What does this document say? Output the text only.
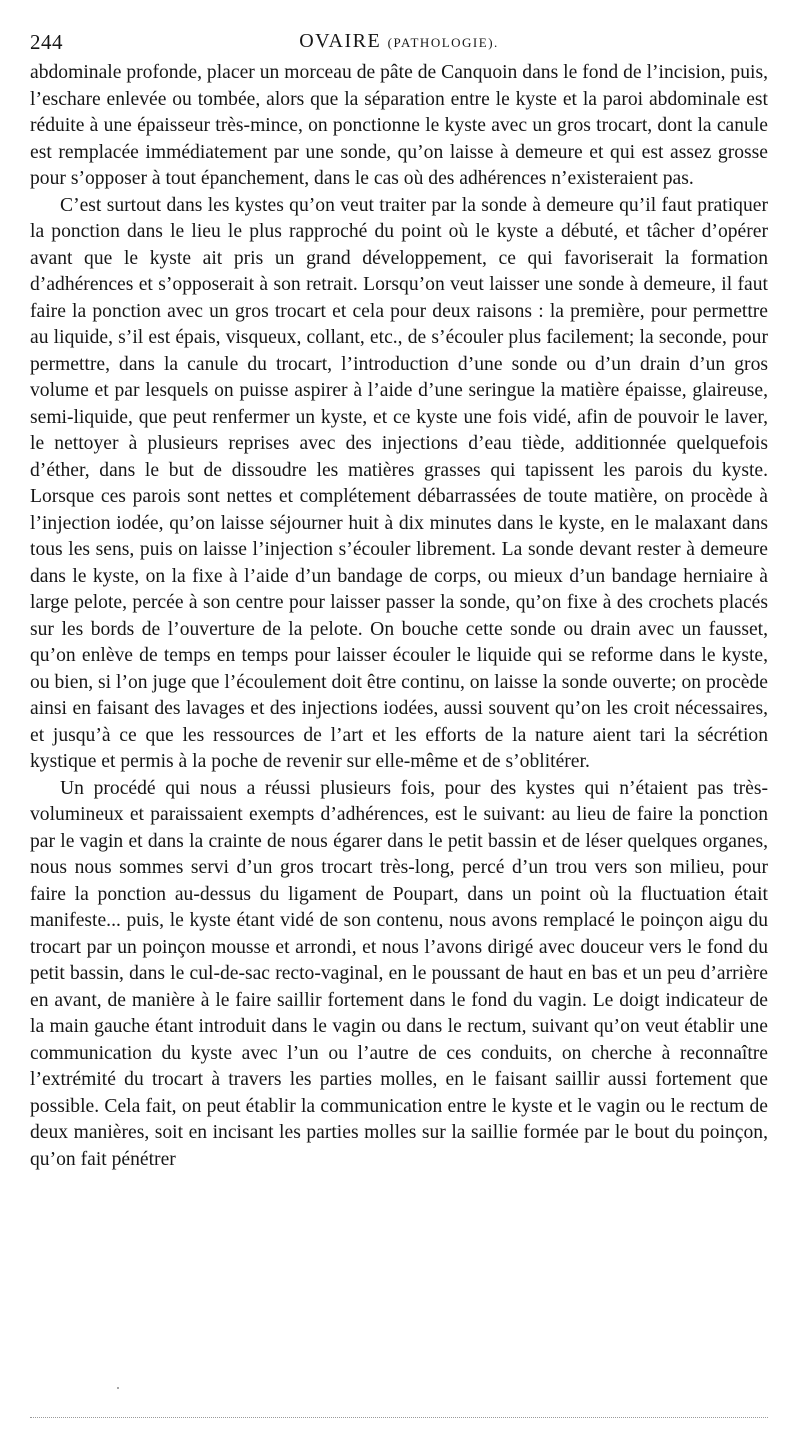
244	OVAIRE (PATHOLOGIE).

abdominale profonde, placer un morceau de pâte de Canquoin dans le fond de l’incision, puis, l’eschare enlevée ou tombée, alors que la séparation entre le kyste et la paroi abdominale est réduite à une épaisseur très-mince, on ponctionne le kyste avec un gros trocart, dont la canule est remplacée immédiatement par une sonde, qu’on laisse à demeure et qui est assez grosse pour s’opposer à tout épanchement, dans le cas où des adhérences n’existeraient pas.

C’est surtout dans les kystes qu’on veut traiter par la sonde à demeure qu’il faut pratiquer la ponction dans le lieu le plus rapproché du point où le kyste a débuté, et tâcher d’opérer avant que le kyste ait pris un grand développement, ce qui favoriserait la formation d’adhérences et s’opposerait à son retrait. Lorsqu’on veut laisser une sonde à demeure, il faut faire la ponction avec un gros trocart et cela pour deux raisons : la première, pour permettre au liquide, s’il est épais, visqueux, collant, etc., de s’écouler plus facilement; la seconde, pour permettre, dans la canule du trocart, l’introduction d’une sonde ou d’un drain d’un gros volume et par lesquels on puisse aspirer à l’aide d’une seringue la matière épaisse, glaireuse, semi-liquide, que peut renfermer un kyste, et ce kyste une fois vidé, afin de pouvoir le laver, le nettoyer à plusieurs reprises avec des injections d’eau tiède, additionnée quelquefois d’éther, dans le but de dissoudre les matières grasses qui tapissent les parois du kyste. Lorsque ces parois sont nettes et complétement débarrassées de toute matière, on procède à l’injection iodée, qu’on laisse séjourner huit à dix minutes dans le kyste, en le malaxant dans tous les sens, puis on laisse l’injection s’écouler librement. La sonde devant rester à demeure dans le kyste, on la fixe à l’aide d’un bandage de corps, ou mieux d’un bandage herniaire à large pelote, percée à son centre pour laisser passer la sonde, qu’on fixe à des crochets placés sur les bords de l’ouverture de la pelote. On bouche cette sonde ou drain avec un fausset, qu’on enlève de temps en temps pour laisser écouler le liquide qui se reforme dans le kyste, ou bien, si l’on juge que l’écoulement doit être continu, on laisse la sonde ouverte; on procède ainsi en faisant des lavages et des injections iodées, aussi souvent qu’on les croit nécessaires, et jusqu’à ce que les ressources de l’art et les efforts de la nature aient tari la sécrétion kystique et permis à la poche de revenir sur elle-même et de s’oblitérer.

Un procédé qui nous a réussi plusieurs fois, pour des kystes qui n’étaient pas très-volumineux et paraissaient exempts d’adhérences, est le suivant: au lieu de faire la ponction par le vagin et dans la crainte de nous égarer dans le petit bassin et de léser quelques organes, nous nous sommes servi d’un gros trocart très-long, percé d’un trou vers son milieu, pour faire la ponction au-dessus du ligament de Poupart, dans un point où la fluctuation était manifeste... puis, le kyste étant vidé de son contenu, nous avons remplacé le poinçon aigu du trocart par un poinçon mousse et arrondi, et nous l’avons dirigé avec douceur vers le fond du petit bassin, dans le cul-de-sac recto-vaginal, en le poussant de haut en bas et un peu d’arrière en avant, de manière à le faire saillir fortement dans le fond du vagin. Le doigt indicateur de la main gauche étant introduit dans le vagin ou dans le rectum, suivant qu’on veut établir une communication du kyste avec l’un ou l’autre de ces conduits, on cherche à reconnaître l’extrémité du trocart à travers les parties molles, en le faisant saillir aussi fortement que possible. Cela fait, on peut établir la communication entre le kyste et le vagin ou le rectum de deux manières, soit en incisant les parties molles sur la saillie formée par le bout du poinçon, qu’on fait pénétrer
